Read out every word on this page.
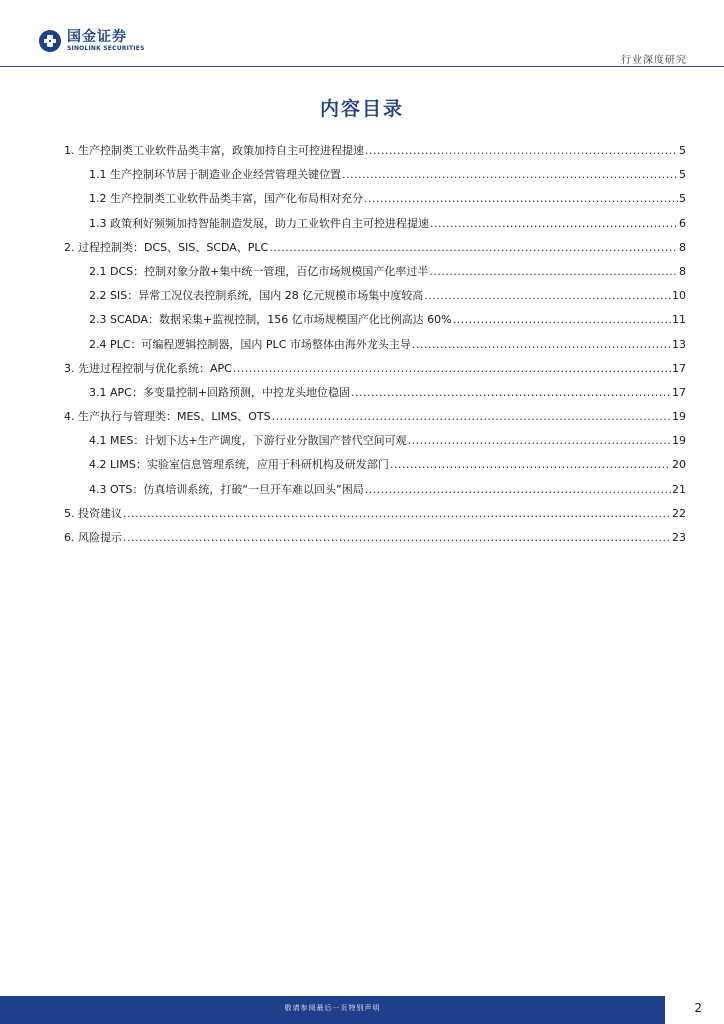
国金证券
SINOLINK SECURITIES
行业深度研究
内容目录
1. 生产控制类工业软件品类丰富，政策加持自主可控进程提速 .....	5
1.1 生产控制环节居于制造业企业经营管理关键位置 .....	5
1.2 生产控制类工业软件品类丰富，国产化布局相对充分 .....	5
1.3 政策利好频频加持智能制造发展，助力工业软件自主可控进程提速 .....	6
2. 过程控制类：DCS、SIS、SCDA、PLC .....	8
2.1 DCS：控制对象分散+集中统一管理，百亿市场规模国产化率过半 .....	8
2.2 SIS：异常工况仪表控制系统，国内 28 亿元规模市场集中度较高 .....	10
2.3 SCADA：数据采集+监视控制，156 亿市场规模国产化比例高达 60% .....	11
2.4 PLC：可编程逻辑控制器，国内 PLC 市场整体由海外龙头主导 .....	13
3. 先进过程控制与优化系统：APC .....	17
3.1 APC：多变量控制+回路预测，中控龙头地位稳固 .....	17
4. 生产执行与管理类：MES、LIMS、OTS .....	19
4.1 MES：计划下达+生产调度，下游行业分散国产替代空间可观 .....	19
4.2 LIMS：实验室信息管理系统，应用于科研机构及研发部门 .....	20
4.3 OTS：仿真培训系统，打破“一旦开车难以回头”困局 .....	21
5. 投资建议 .....	22
6. 风险提示 .....	23
敬请参阅最后一页特别声明	2
